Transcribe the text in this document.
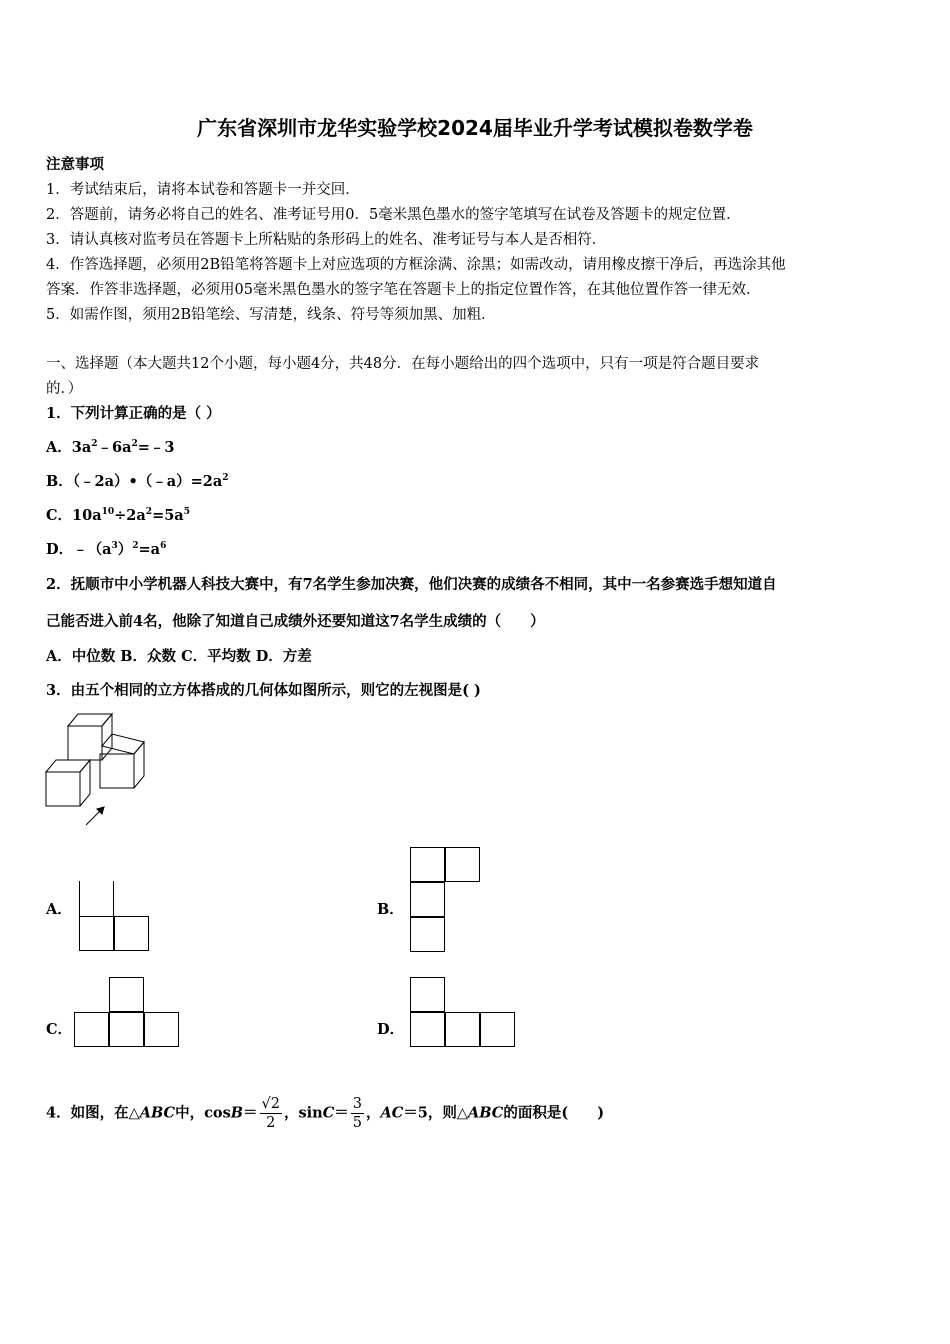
广东省深圳市龙华实验学校2024届毕业升学考试模拟卷数学卷
注意事项
1．考试结束后，请将本试卷和答题卡一并交回．
2．答题前，请务必将自己的姓名、准考证号用0．5毫米黑色墨水的签字笔填写在试卷及答题卡的规定位置．
3．请认真核对监考员在答题卡上所粘贴的条形码上的姓名、准考证号与本人是否相符．
4．作答选择题，必须用2B铅笔将答题卡上对应选项的方框涂满、涂黑；如需改动，请用橡皮擦干净后，再选涂其他
答案．作答非选择题，必须用05毫米黑色墨水的签字笔在答题卡上的指定位置作答，在其他位置作答一律无效．
5．如需作图，须用2B铅笔绘、写清楚，线条、符号等须加黑、加粗．
一、选择题（本大题共12个小题，每小题4分，共48分．在每小题给出的四个选项中，只有一项是符合题目要求
的．）
1．下列计算正确的是（ ）
A．$3a^2﹣6a^2=﹣3$
B．$(﹣2a)•(﹣a)=2a^2$
C．$10a^{10}\div 2a^2=5a^5$
D．$﹣(a^3)^2=a^6$
2．抚顺市中小学机器人科技大赛中，有7名学生参加决赛，他们决赛的成绩各不相同，其中一名参赛选手想知道自
己能否进入前4名，他除了知道自己成绩外还要知道这7名学生成绩的（　　）
A．中位数 B．众数 C．平均数 D．方差
3．由五个相同的立方体搭成的几何体如图所示，则它的左视图是( )
A．	B．
C．	D．
4．如图，在△ABC中，$\cos B= \frac{√2}{2}$ ，$\sin C= \frac{3}{5}$ ，AC＝5，则△ABC的面积是(　　)
